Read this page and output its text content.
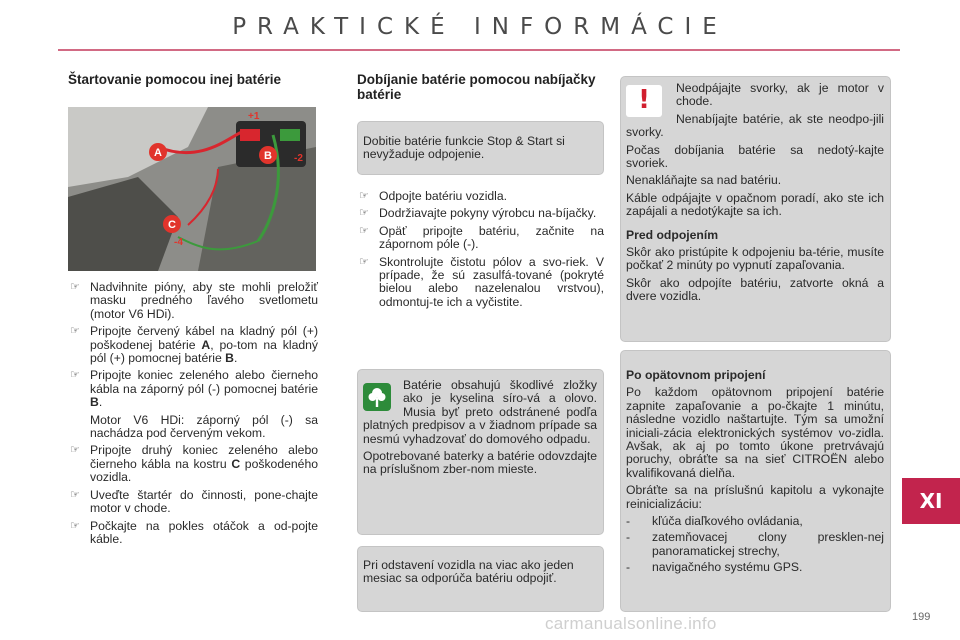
PRAKTICKÉ INFORMÁCIE
Štartovanie pomocou inej batérie
A	B
C
+1
-2
-4
☞ Nadvihnite pióny, aby ste mohli preložiť masku predného ľavého svetlometu (motor V6 HDi).
☞ Pripojte červený kábel na kladný pól (+) poškodenej batérie A, po-tom na kladný pól (+) pomocnej batérie B.
☞ Pripojte koniec zeleného alebo čierneho kábla na záporný pól (-) pomocnej batérie B.

Motor V6 HDi: záporný pól (-) sa nachádza pod červeným vekom.

☞ Pripojte druhý koniec zeleného alebo čierneho kábla na kostru C poškodeného vozidla.
☞ Uveďte štartér do činnosti, pone-chajte motor v chode.
☞ Počkajte na pokles otáčok a od-pojte káble.
Dobíjanie batérie pomocou nabíjačky batérie
Dobitie batérie funkcie Stop & Start si nevyžaduje odpojenie.
☞ Odpojte batériu vozidla.
☞ Dodržiavajte pokyny výrobcu na-bíjačky.
☞ Opäť pripojte batériu, začnite na zápornom póle (-).
☞ Skontrolujte čistotu pólov a svo-riek. V prípade, že sú zasulfá-tované (pokryté bielou alebo nazelenalou vrstvou), odmontuj-te ich a vyčistite.

Batérie obsahujú škodlivé zložky ako je kyselina síro-vá a olovo. Musia byť preto odstránené podľa platných predpisov a v žiadnom prípade sa nesmú vyhadzovať do domového odpadu.

Opotrebované baterky a batérie odovzdajte na príslušnom zber-nom mieste.

Pri odstavení vozidla na viac ako jeden mesiac sa odporúča batériu odpojiť.
!	Neodpájajte svorky, ak je motor v chode.

Nenabíjajte batérie, ak ste neodpo-jili svorky.

Počas dobíjania batérie sa nedotý-kajte svoriek.

Nenakláňajte sa nad batériu.

Káble odpájajte v opačnom poradí, ako ste ich zapájali a nedotýkajte sa ich.

Pred odpojením

Skôr ako pristúpite k odpojeniu ba-térie, musíte počkať 2 minúty po vypnutí zapaľovania.

Skôr ako odpojíte batériu, zatvorte okná a dvere vozidla.

Po opätovnom pripojení

Po každom opätovnom pripojení batérie zapnite zapaľovanie a po-čkajte 1 minútu, následne vozidlo naštartujte. Tým sa umožní iniciali-zácia elektronických systémov vo-zidla. Avšak, ak aj po tomto úkone pretrvávajú poruchy, obráťte sa na sieť CITROËN alebo kvalifikovaná dielňa.

Obráťte sa na príslušnú kapitolu a vykonajte reinicializáciu:

- kľúča diaľkového ovládania,
- zatemňovacej clony presklen-nej panoramatickej strechy,
- navigačného systému GPS.
XI
carmanualsonline.info	199
